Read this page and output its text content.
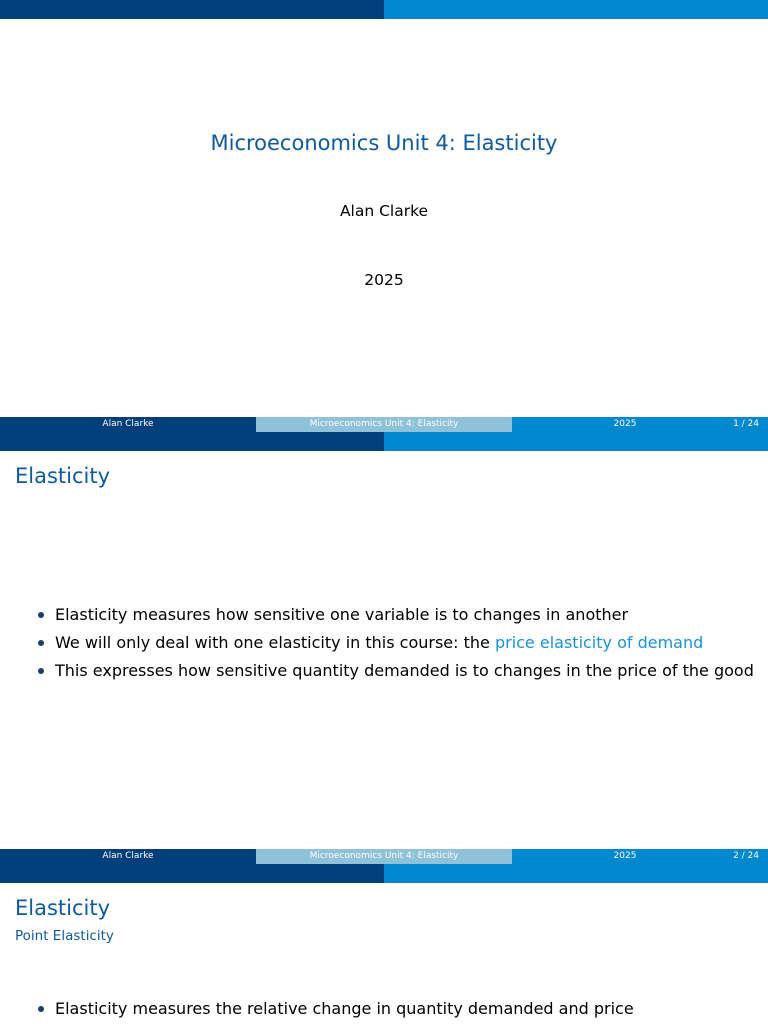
Microeconomics Unit 4: Elasticity
Alan Clarke
2025
Alan Clarke	Microeconomics Unit 4: Elasticity	2025	1 / 24
Elasticity
Elasticity measures how sensitive one variable is to changes in another
We will only deal with one elasticity in this course: the price elasticity of demand
This expresses how sensitive quantity demanded is to changes in the price of the good
Alan Clarke	Microeconomics Unit 4: Elasticity	2025	2 / 24
Elasticity
Point Elasticity
Elasticity measures the relative change in quantity demanded and price
